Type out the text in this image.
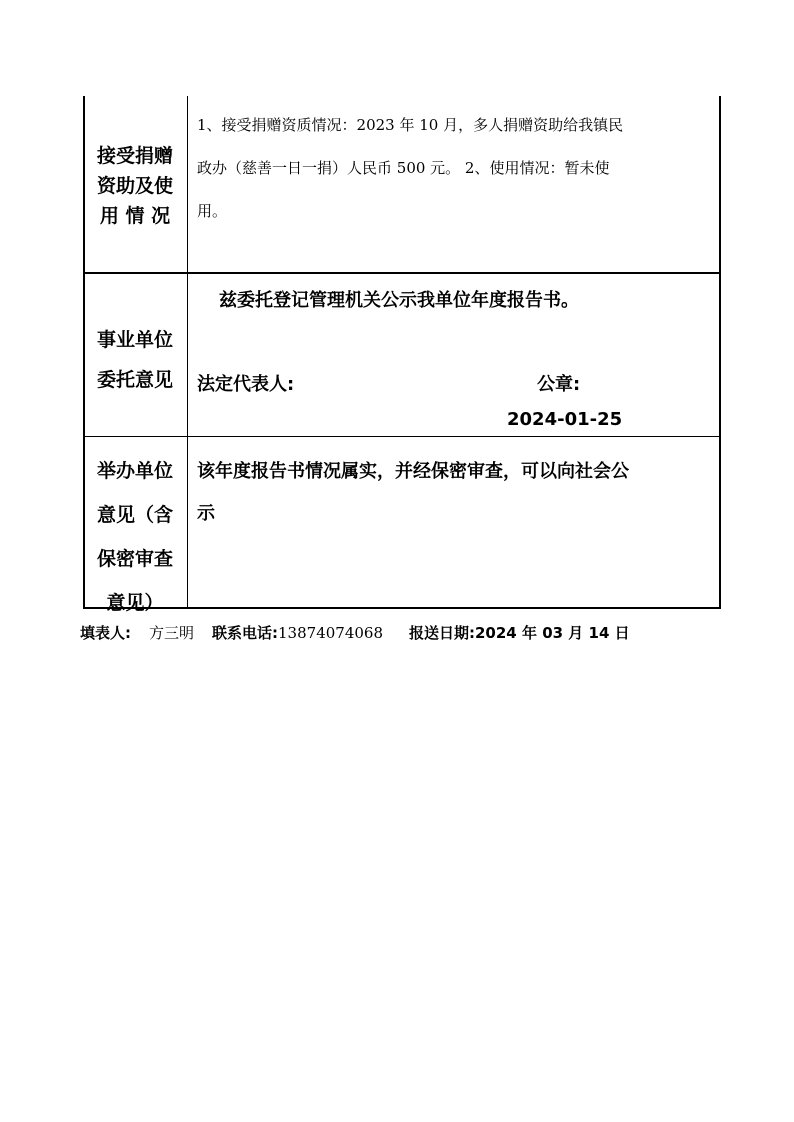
接受捐赠
资助及使
用 情 况
1、接受捐赠资质情况：2023 年 10 月，多人捐赠资助给我镇民
政办（慈善一日一捐）人民币 500 元。 2、使用情况：暂未使
用。
事业单位
委托意见
兹委托登记管理机关公示我单位年度报告书。
法定代表人:	公章:
2024-01-25
举办单位
意见（含
保密审查
意见）
该年度报告书情况属实，并经保密审查，可以向社会公
示
填表人: 方三明 联系电话:13874074068 报送日期:2024 年 03 月 14 日
